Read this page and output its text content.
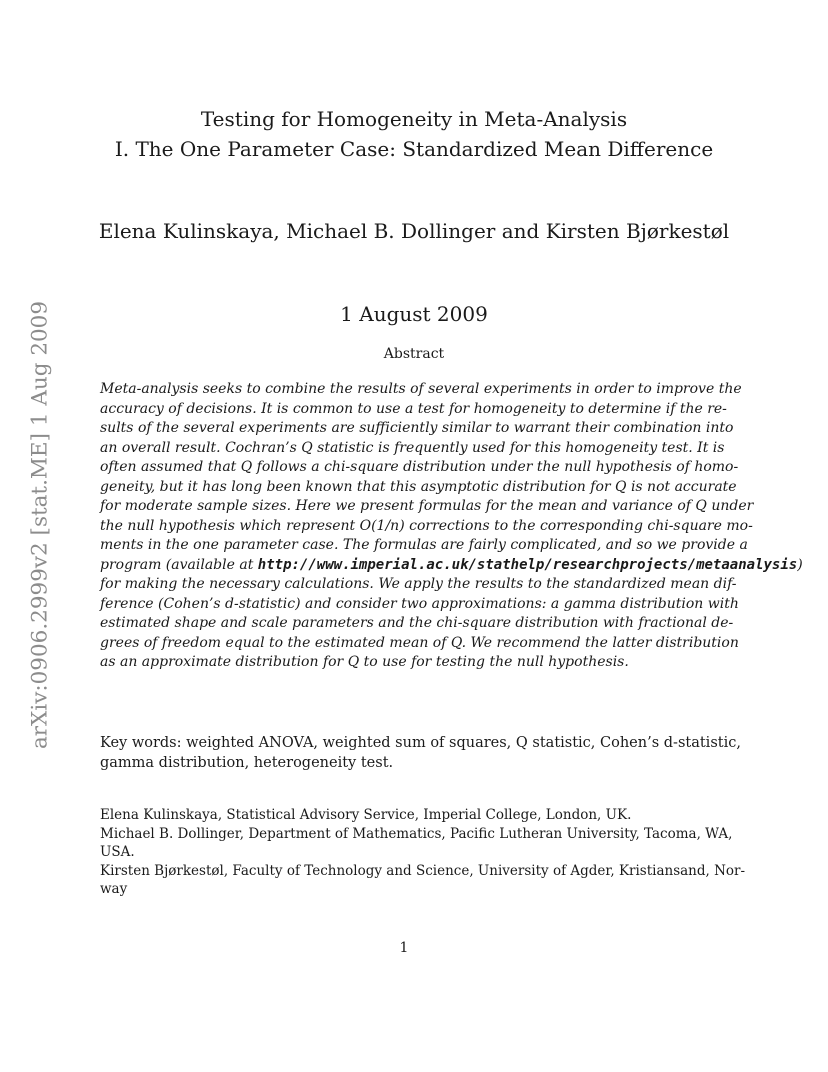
arXiv:0906.2999v2 [stat.ME] 1 Aug 2009
Testing for Homogeneity in Meta-Analysis
I. The One Parameter Case: Standardized Mean Difference
Elena Kulinskaya, Michael B. Dollinger and Kirsten Bjørkestøl
1 August 2009
Abstract
Meta-analysis seeks to combine the results of several experiments in order to improve the
accuracy of decisions. It is common to use a test for homogeneity to determine if the re-
sults of the several experiments are sufficiently similar to warrant their combination into
an overall result. Cochran’s Q statistic is frequently used for this homogeneity test. It is
often assumed that Q follows a chi-square distribution under the null hypothesis of homo-
geneity, but it has long been known that this asymptotic distribution for Q is not accurate
for moderate sample sizes. Here we present formulas for the mean and variance of Q under
the null hypothesis which represent O(1/n) corrections to the corresponding chi-square mo-
ments in the one parameter case. The formulas are fairly complicated, and so we provide a
program (available at http://www.imperial.ac.uk/stathelp/researchprojects/metaanalysis)
for making the necessary calculations. We apply the results to the standardized mean dif-
ference (Cohen’s d-statistic) and consider two approximations: a gamma distribution with
estimated shape and scale parameters and the chi-square distribution with fractional de-
grees of freedom equal to the estimated mean of Q. We recommend the latter distribution
as an approximate distribution for Q to use for testing the null hypothesis.
Key words: weighted ANOVA, weighted sum of squares, Q statistic, Cohen’s d-statistic,
gamma distribution, heterogeneity test.
Elena Kulinskaya, Statistical Advisory Service, Imperial College, London, UK.
Michael B. Dollinger, Department of Mathematics, Pacific Lutheran University, Tacoma, WA,
USA.
Kirsten Bjørkestøl, Faculty of Technology and Science, University of Agder, Kristiansand, Nor-
way
1
